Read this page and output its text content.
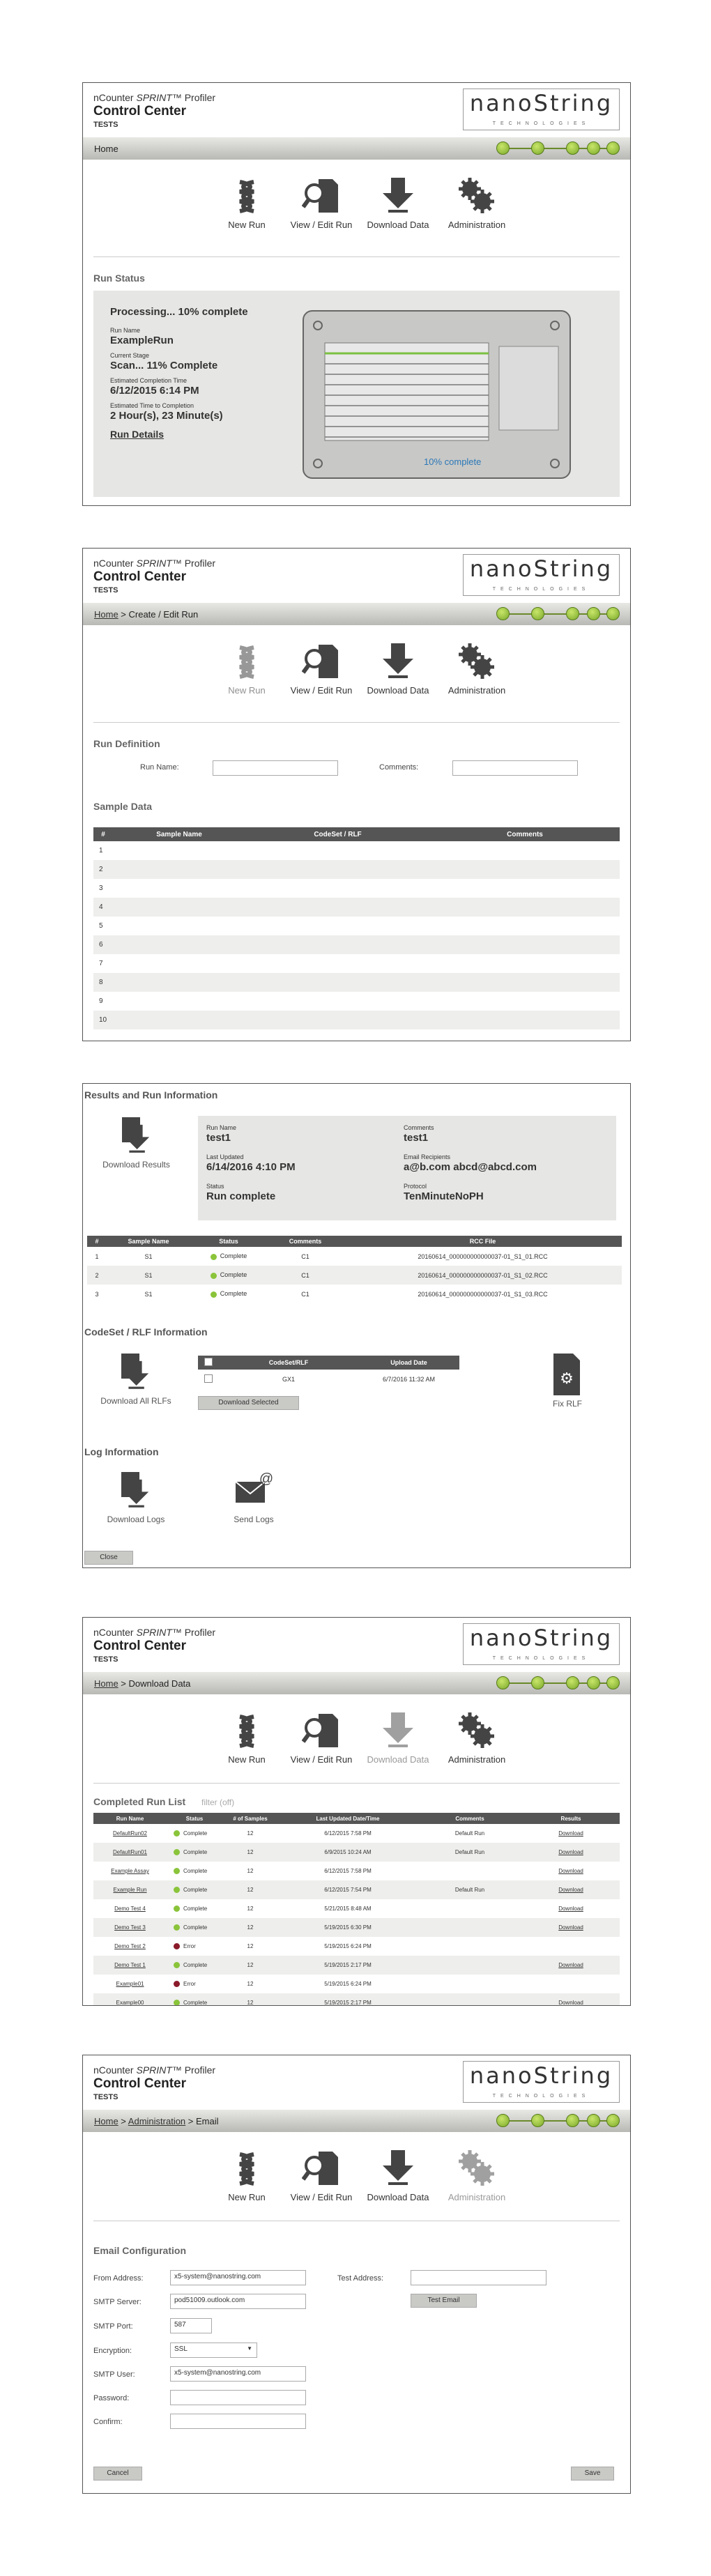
nCounter SPRINT™ Profiler
Control Center
TESTS
nanoString
TECHNOLOGIES
Home
New Run	View / Edit Run	Download Data	Administration
Run Status
Processing... 10% complete
Run Name
ExampleRun
Current Stage
Scan... 11% Complete
Estimated Completion Time
6/12/2015 6:14 PM
Estimated Time to Completion
2 Hour(s), 23 Minute(s)
Run Details
10% complete
nCounter SPRINT™ Profiler
Control Center
TESTS
nanoString
TECHNOLOGIES
Home > Create / Edit Run
New Run	View / Edit Run	Download Data	Administration
Run Definition
Run Name:	Comments:
Sample Data
#	Sample Name	CodeSet / RLF	Comments
1			
2			
3			
4			
5			
6			
7			
8			
9			
10			
Results and Run Information
Download Results
Run Name
test1
Comments
test1
Last Updated
6/14/2016 4:10 PM
Email Recipients
a@b.com abcd@abcd.com
Status
Run complete
Protocol
TenMinuteNoPH
#	Sample Name	Status	Comments	RCC File
1	S1	Complete	C1	20160614_000000000000037-01_S1_01.RCC
2	S1	Complete	C1	20160614_000000000000037-01_S1_02.RCC
3	S1	Complete	C1	20160614_000000000000037-01_S1_03.RCC
CodeSet / RLF Information
Download All RLFs
CodeSet/RLF	Upload Date
GX1	6/7/2016 11:32 AM
Download Selected
⚙
Fix RLF
Log Information
Download Logs
@
Send Logs
Close
nCounter SPRINT™ Profiler
Control Center
TESTS
nanoString
TECHNOLOGIES
Home > Download Data
New Run	View / Edit Run	Download Data	Administration
Completed Run List filter (off)
Run Name	Status	# of Samples	Last Updated Date/Time	Comments	Results
DefaultRun02	Complete	12	6/12/2015 7:58 PM	Default Run	Download
DefaultRun01	Complete	12	6/9/2015 10:24 AM	Default Run	Download
Example Assay	Complete	12	6/12/2015 7:58 PM		Download
Example Run	Complete	12	6/12/2015 7:54 PM	Default Run	Download
Demo Test 4	Complete	12	5/21/2015 8:48 AM		Download
Demo Test 3	Complete	12	5/19/2015 6:30 PM		Download
Demo Test 2	Error	12	5/19/2015 6:24 PM		
Demo Test 1	Complete	12	5/19/2015 2:17 PM		Download
Example01	Error	12	5/19/2015 6:24 PM		
Example00	Complete	12	5/19/2015 2:17 PM		Download
nCounter SPRINT™ Profiler
Control Center
TESTS
nanoString
TECHNOLOGIES
Home > Administration > Email
New Run	View / Edit Run	Download Data	Administration
Email Configuration
From Address:	x5-system@nanostring.com	Test Address:
SMTP Server:	pod51009.outlook.com	Test Email
SMTP Port:	587
Encryption:	SSL	▼
SMTP User:	x5-system@nanostring.com
Password:
Confirm:
Cancel	Save
